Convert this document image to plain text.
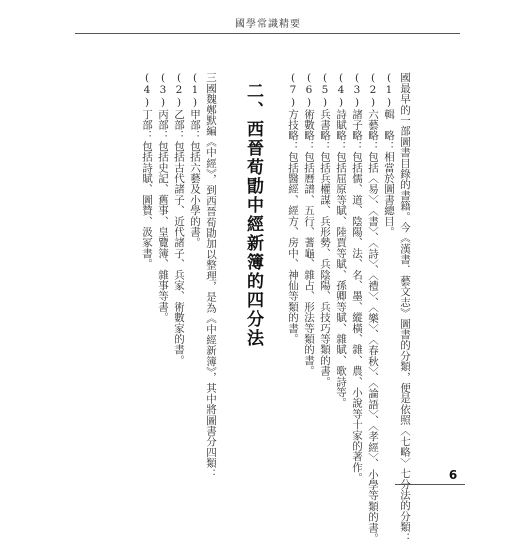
國學常識精要
國最早的一部圖書目錄的書籍。今《漢書．藝文志》圖書的分類，便是依照〈七略〉七分法的分類：
(1)輯　略：相當於圖書總目。
(2)六藝略：包括〈易〉、〈書〉、〈詩〉、〈禮〉、〈樂〉、〈春秋〉、〈論語〉、〈孝經〉、小學等類的書。
(3)諸子略：包括儒、道、陰陽、法、名、墨、縱橫、雜、農、小說等十家的著作。
(4)詩賦略：包括屈原等賦、陸賈等賦、孫卿等賦、雜賦、歌詩等。
(5)兵書略：包括兵權謀、兵形勢、兵陰陽、兵技巧等類的書。
(6)術數略：包括曆譜、五行、蓍龜、雜占、形法等類的書。
(7)方技略：包括醫經、經方、房中、神仙等類的書。
二、西晉荀勖中經新簿的四分法
三國魏鄭默編《中經》，到西晉荀勖加以整理，是為《中經新簿》，其中將圖書分四類：
(1)甲部：包括六藝及小學的書。
(2)乙部：包括古代諸子、近代諸子、兵家、術數家的書。
(3)丙部：包括史記、舊事、皇覽簿、雜事等書。
(4)丁部：包括詩賦、圖贊、汲冢書。
6
